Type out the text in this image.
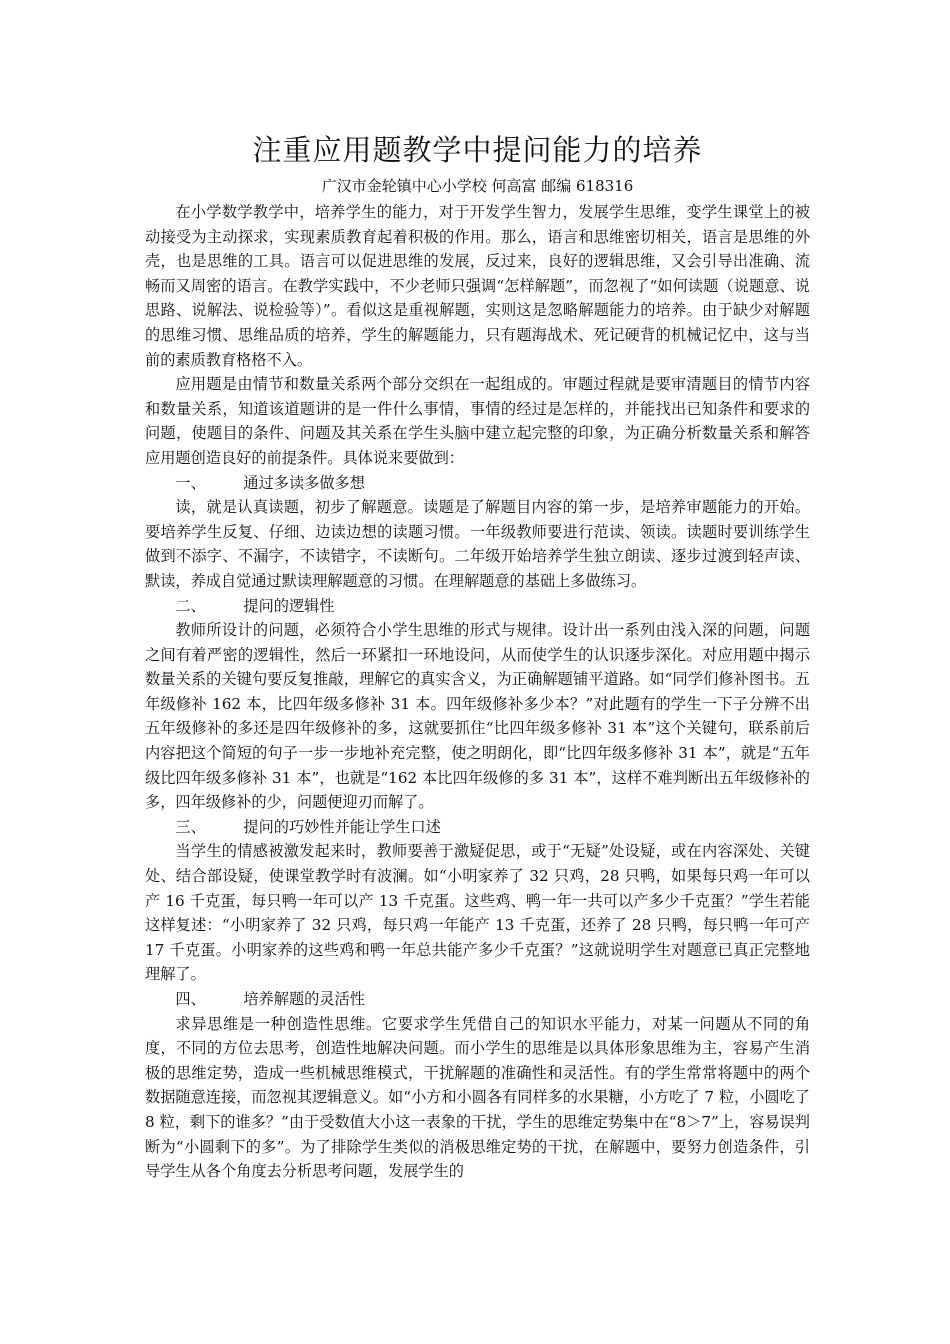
注重应用题教学中提问能力的培养
广汉市金轮镇中心小学校 何高富 邮编 618316

在小学数学教学中，培养学生的能力，对于开发学生智力，发展学生思维，变学生课堂上的被动接受为主动探求，实现素质教育起着积极的作用。那么，语言和思维密切相关，语言是思维的外壳，也是思维的工具。语言可以促进思维的发展，反过来，良好的逻辑思维，又会引导出准确、流畅而又周密的语言。在教学实践中，不少老师只强调“怎样解题”，而忽视了“如何读题（说题意、说思路、说解法、说检验等）”。看似这是重视解题，实则这是忽略解题能力的培养。由于缺少对解题的思维习惯、思维品质的培养，学生的解题能力，只有题海战术、死记硬背的机械记忆中，这与当前的素质教育格格不入。

应用题是由情节和数量关系两个部分交织在一起组成的。审题过程就是要审清题目的情节内容和数量关系，知道该道题讲的是一件什么事情，事情的经过是怎样的，并能找出已知条件和要求的问题，使题目的条件、问题及其关系在学生头脑中建立起完整的印象，为正确分析数量关系和解答应用题创造良好的前提条件。具体说来要做到：

一、 通过多读多做多想

读，就是认真读题，初步了解题意。读题是了解题目内容的第一步，是培养审题能力的开始。要培养学生反复、仔细、边读边想的读题习惯。一年级教师要进行范读、领读。读题时要训练学生做到不添字、不漏字，不读错字，不读断句。二年级开始培养学生独立朗读、逐步过渡到轻声读、默读，养成自觉通过默读理解题意的习惯。在理解题意的基础上多做练习。

二、 提问的逻辑性

教师所设计的问题，必须符合小学生思维的形式与规律。设计出一系列由浅入深的问题，问题之间有着严密的逻辑性，然后一环紧扣一环地设问，从而使学生的认识逐步深化。对应用题中揭示数量关系的关键句要反复推敲，理解它的真实含义，为正确解题铺平道路。如“同学们修补图书。五年级修补 162 本，比四年级多修补 31 本。四年级修补多少本？”对此题有的学生一下子分辨不出五年级修补的多还是四年级修补的多，这就要抓住“比四年级多修补 31 本”这个关键句，联系前后内容把这个简短的句子一步一步地补充完整，使之明朗化，即“比四年级多修补 31 本”，就是“五年级比四年级多修补 31 本”，也就是“162 本比四年级修的多 31 本”，这样不难判断出五年级修补的多，四年级修补的少，问题便迎刃而解了。

三、 提问的巧妙性并能让学生口述

当学生的情感被激发起来时，教师要善于激疑促思，或于“无疑”处设疑，或在内容深处、关键处、结合部设疑，使课堂教学时有波澜。如“小明家养了 32 只鸡，28 只鸭，如果每只鸡一年可以产 16 千克蛋，每只鸭一年可以产 13 千克蛋。这些鸡、鸭一年一共可以产多少千克蛋？”学生若能这样复述：“小明家养了 32 只鸡，每只鸡一年能产 13 千克蛋，还养了 28 只鸭，每只鸭一年可产 17 千克蛋。小明家养的这些鸡和鸭一年总共能产多少千克蛋？”这就说明学生对题意已真正完整地理解了。

四、 培养解题的灵活性

求异思维是一种创造性思维。它要求学生凭借自己的知识水平能力，对某一问题从不同的角度，不同的方位去思考，创造性地解决问题。而小学生的思维是以具体形象思维为主，容易产生消极的思维定势，造成一些机械思维模式，干扰解题的准确性和灵活性。有的学生常常将题中的两个数据随意连接，而忽视其逻辑意义。如“小方和小圆各有同样多的水果糖，小方吃了 7 粒，小圆吃了 8 粒，剩下的谁多？”由于受数值大小这一表象的干扰，学生的思维定势集中在“8＞7”上，容易误判断为“小圆剩下的多”。为了排除学生类似的消极思维定势的干扰，在解题中，要努力创造条件，引导学生从各个角度去分析思考问题，发展学生的
